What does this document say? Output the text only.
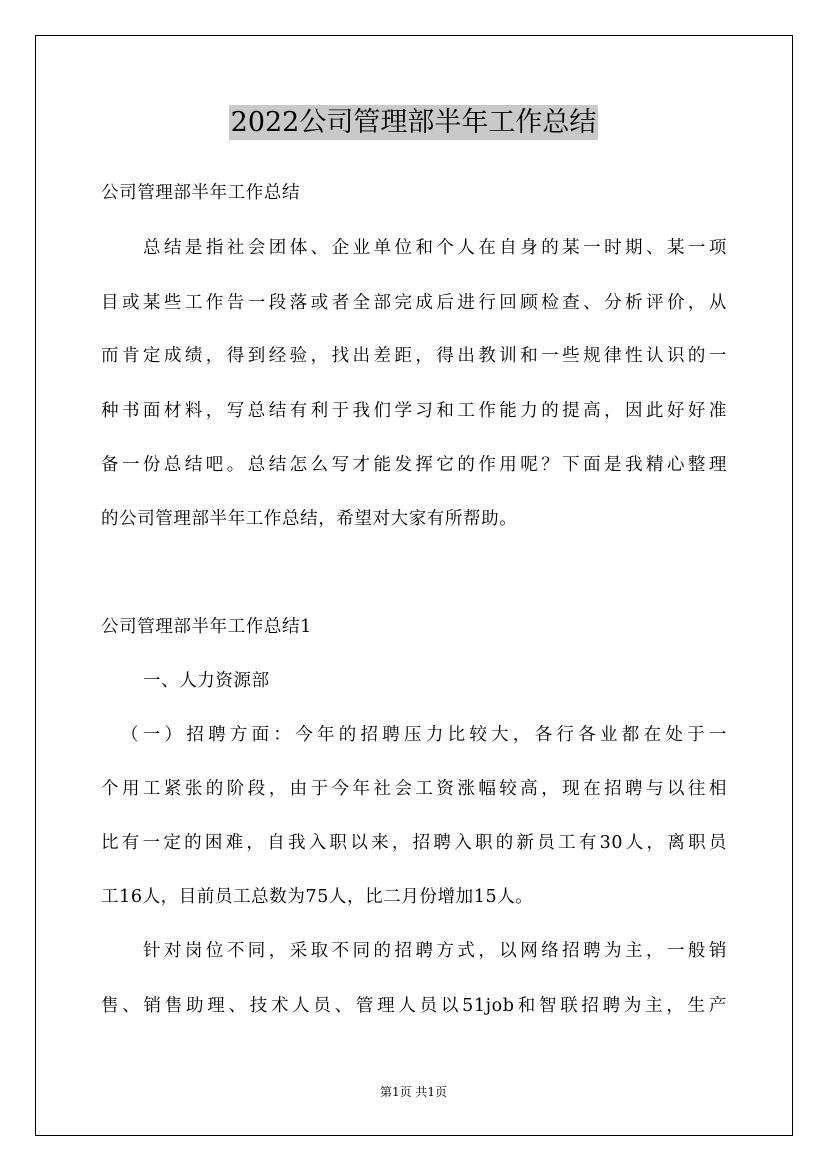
2022公司管理部半年工作总结
公司管理部半年工作总结
总结是指社会团体、企业单位和个人在自身的某一时期、某一项
目或某些工作告一段落或者全部完成后进行回顾检查、分析评价，从
而肯定成绩，得到经验，找出差距，得出教训和一些规律性认识的一
种书面材料，写总结有利于我们学习和工作能力的提高，因此好好准
备一份总结吧。总结怎么写才能发挥它的作用呢？下面是我精心整理
的公司管理部半年工作总结，希望对大家有所帮助。
公司管理部半年工作总结1
一、人力资源部
（一）招聘方面：今年的招聘压力比较大，各行各业都在处于一
个用工紧张的阶段，由于今年社会工资涨幅较高，现在招聘与以往相
比有一定的困难，自我入职以来，招聘入职的新员工有30人，离职员
工16人，目前员工总数为75人，比二月份增加15人。
针对岗位不同，采取不同的招聘方式，以网络招聘为主，一般销
售、销售助理、技术人员、管理人员以51job和智联招聘为主，生产
第1页 共1页
